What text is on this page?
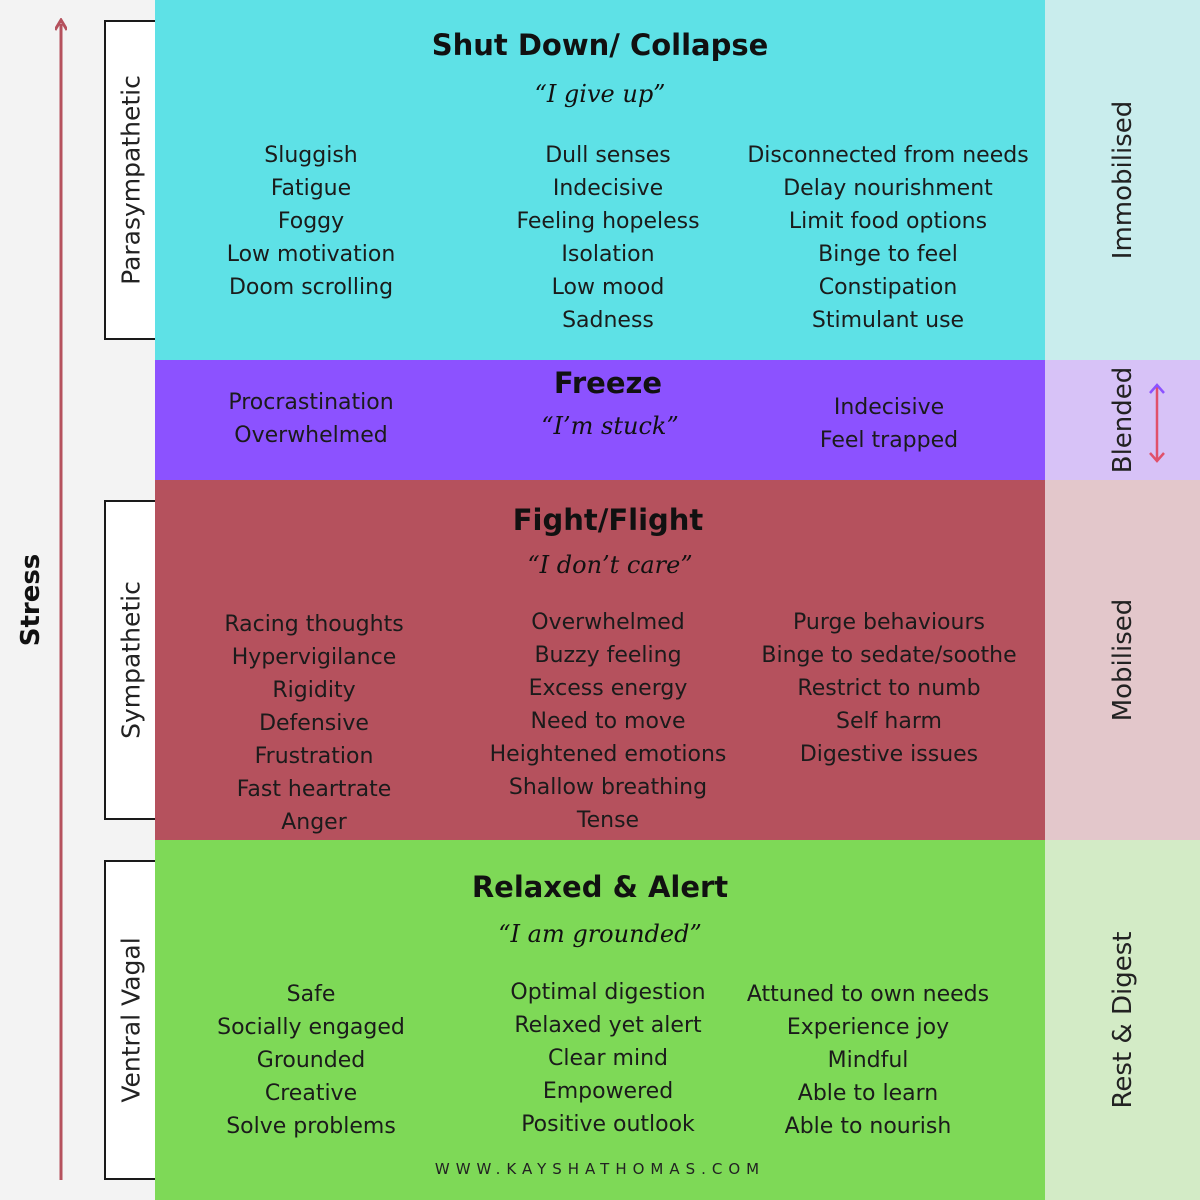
Stress
Parasympathetic
Sympathetic
Ventral Vagal
Shut Down/ Collapse
“I give up”
Sluggish
Fatigue
Foggy
Low motivation
Doom scrolling
Dull senses
Indecisive
Feeling hopeless
Isolation
Low mood
Sadness
Disconnected from needs
Delay nourishment
Limit food options
Binge to feel
Constipation
Stimulant use
Freeze
“I’m stuck”
Procrastination
Overwhelmed
Indecisive
Feel trapped
Fight/Flight
“I don’t care”
Racing thoughts
Hypervigilance
Rigidity
Defensive
Frustration
Fast heartrate
Anger
Overwhelmed
Buzzy feeling
Excess energy
Need to move
Heightened emotions
Shallow breathing
Tense
Purge behaviours
Binge to sedate/soothe
Restrict to numb
Self harm
Digestive issues
Relaxed & Alert
“I am grounded”
Safe
Socially engaged
Grounded
Creative
Solve problems
Optimal digestion
Relaxed yet alert
Clear mind
Empowered
Positive outlook
Attuned to own needs
Experience joy
Mindful
Able to learn
Able to nourish
Immobilised
Blended
Mobilised
Rest & Digest
WWW.KAYSHATHOMAS.COM
